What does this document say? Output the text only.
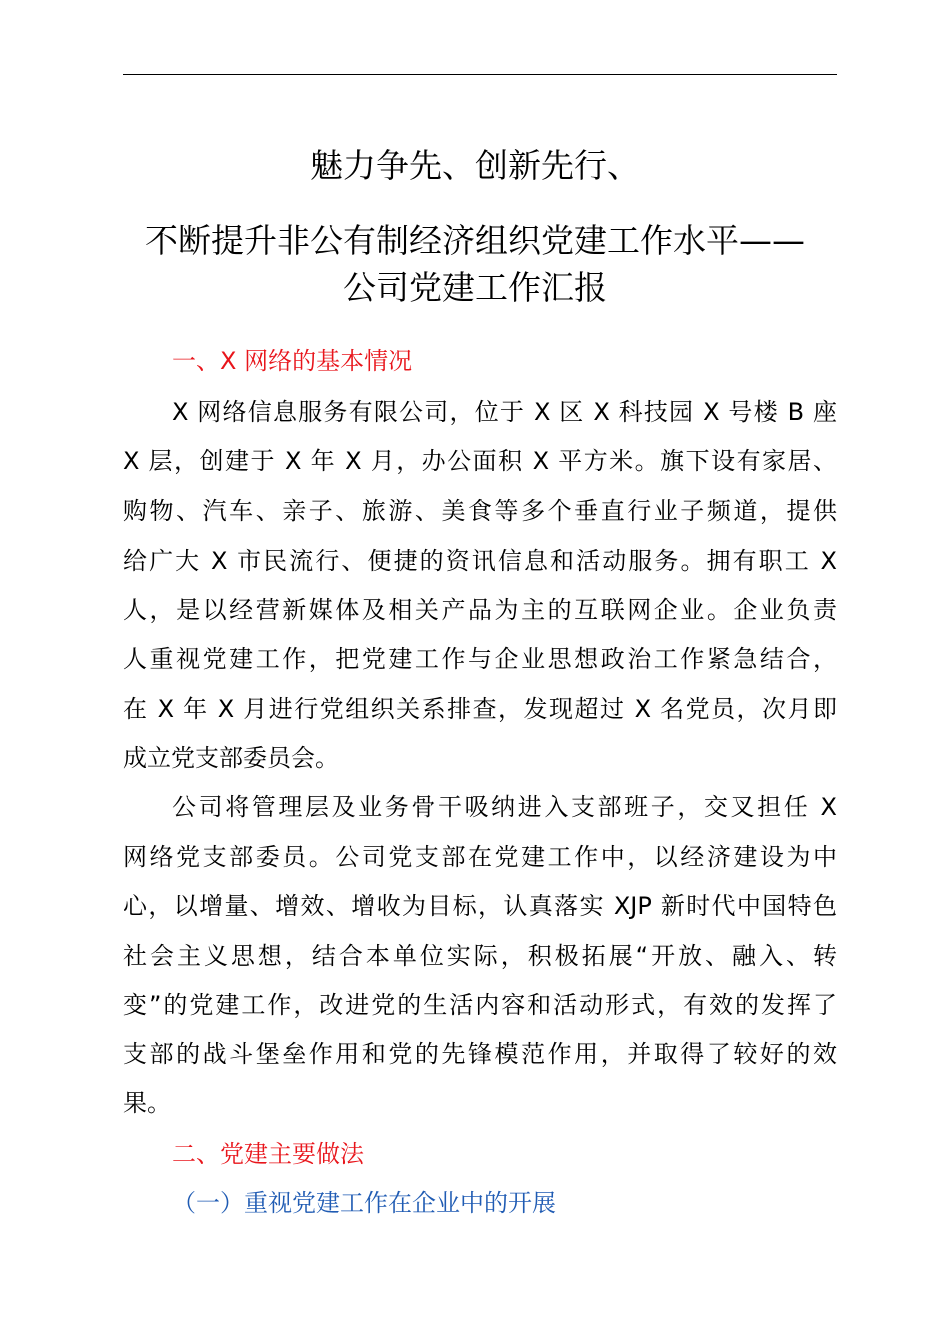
魅力争先、创新先行、
不断提升非公有制经济组织党建工作水平——
公司党建工作汇报
一、X 网络的基本情况
X 网络信息服务有限公司，位于 X 区 X 科技园 X 号楼 B 座
X 层，创建于 X 年 X 月，办公面积 X 平方米。旗下设有家居、
购物、汽车、亲子、旅游、美食等多个垂直行业子频道，提供
给广大 X 市民流行、便捷的资讯信息和活动服务。拥有职工 X
人，是以经营新媒体及相关产品为主的互联网企业。企业负责
人重视党建工作，把党建工作与企业思想政治工作紧急结合，
在 X 年 X 月进行党组织关系排查，发现超过 X 名党员，次月即
成立党支部委员会。
公司将管理层及业务骨干吸纳进入支部班子，交叉担任 X
网络党支部委员。公司党支部在党建工作中，以经济建设为中
心，以增量、增效、增收为目标，认真落实 XJP 新时代中国特色
社会主义思想，结合本单位实际，积极拓展“开放、融入、转
变”的党建工作，改进党的生活内容和活动形式，有效的发挥了
支部的战斗堡垒作用和党的先锋模范作用，并取得了较好的效
果。
二、党建主要做法
（一）重视党建工作在企业中的开展
